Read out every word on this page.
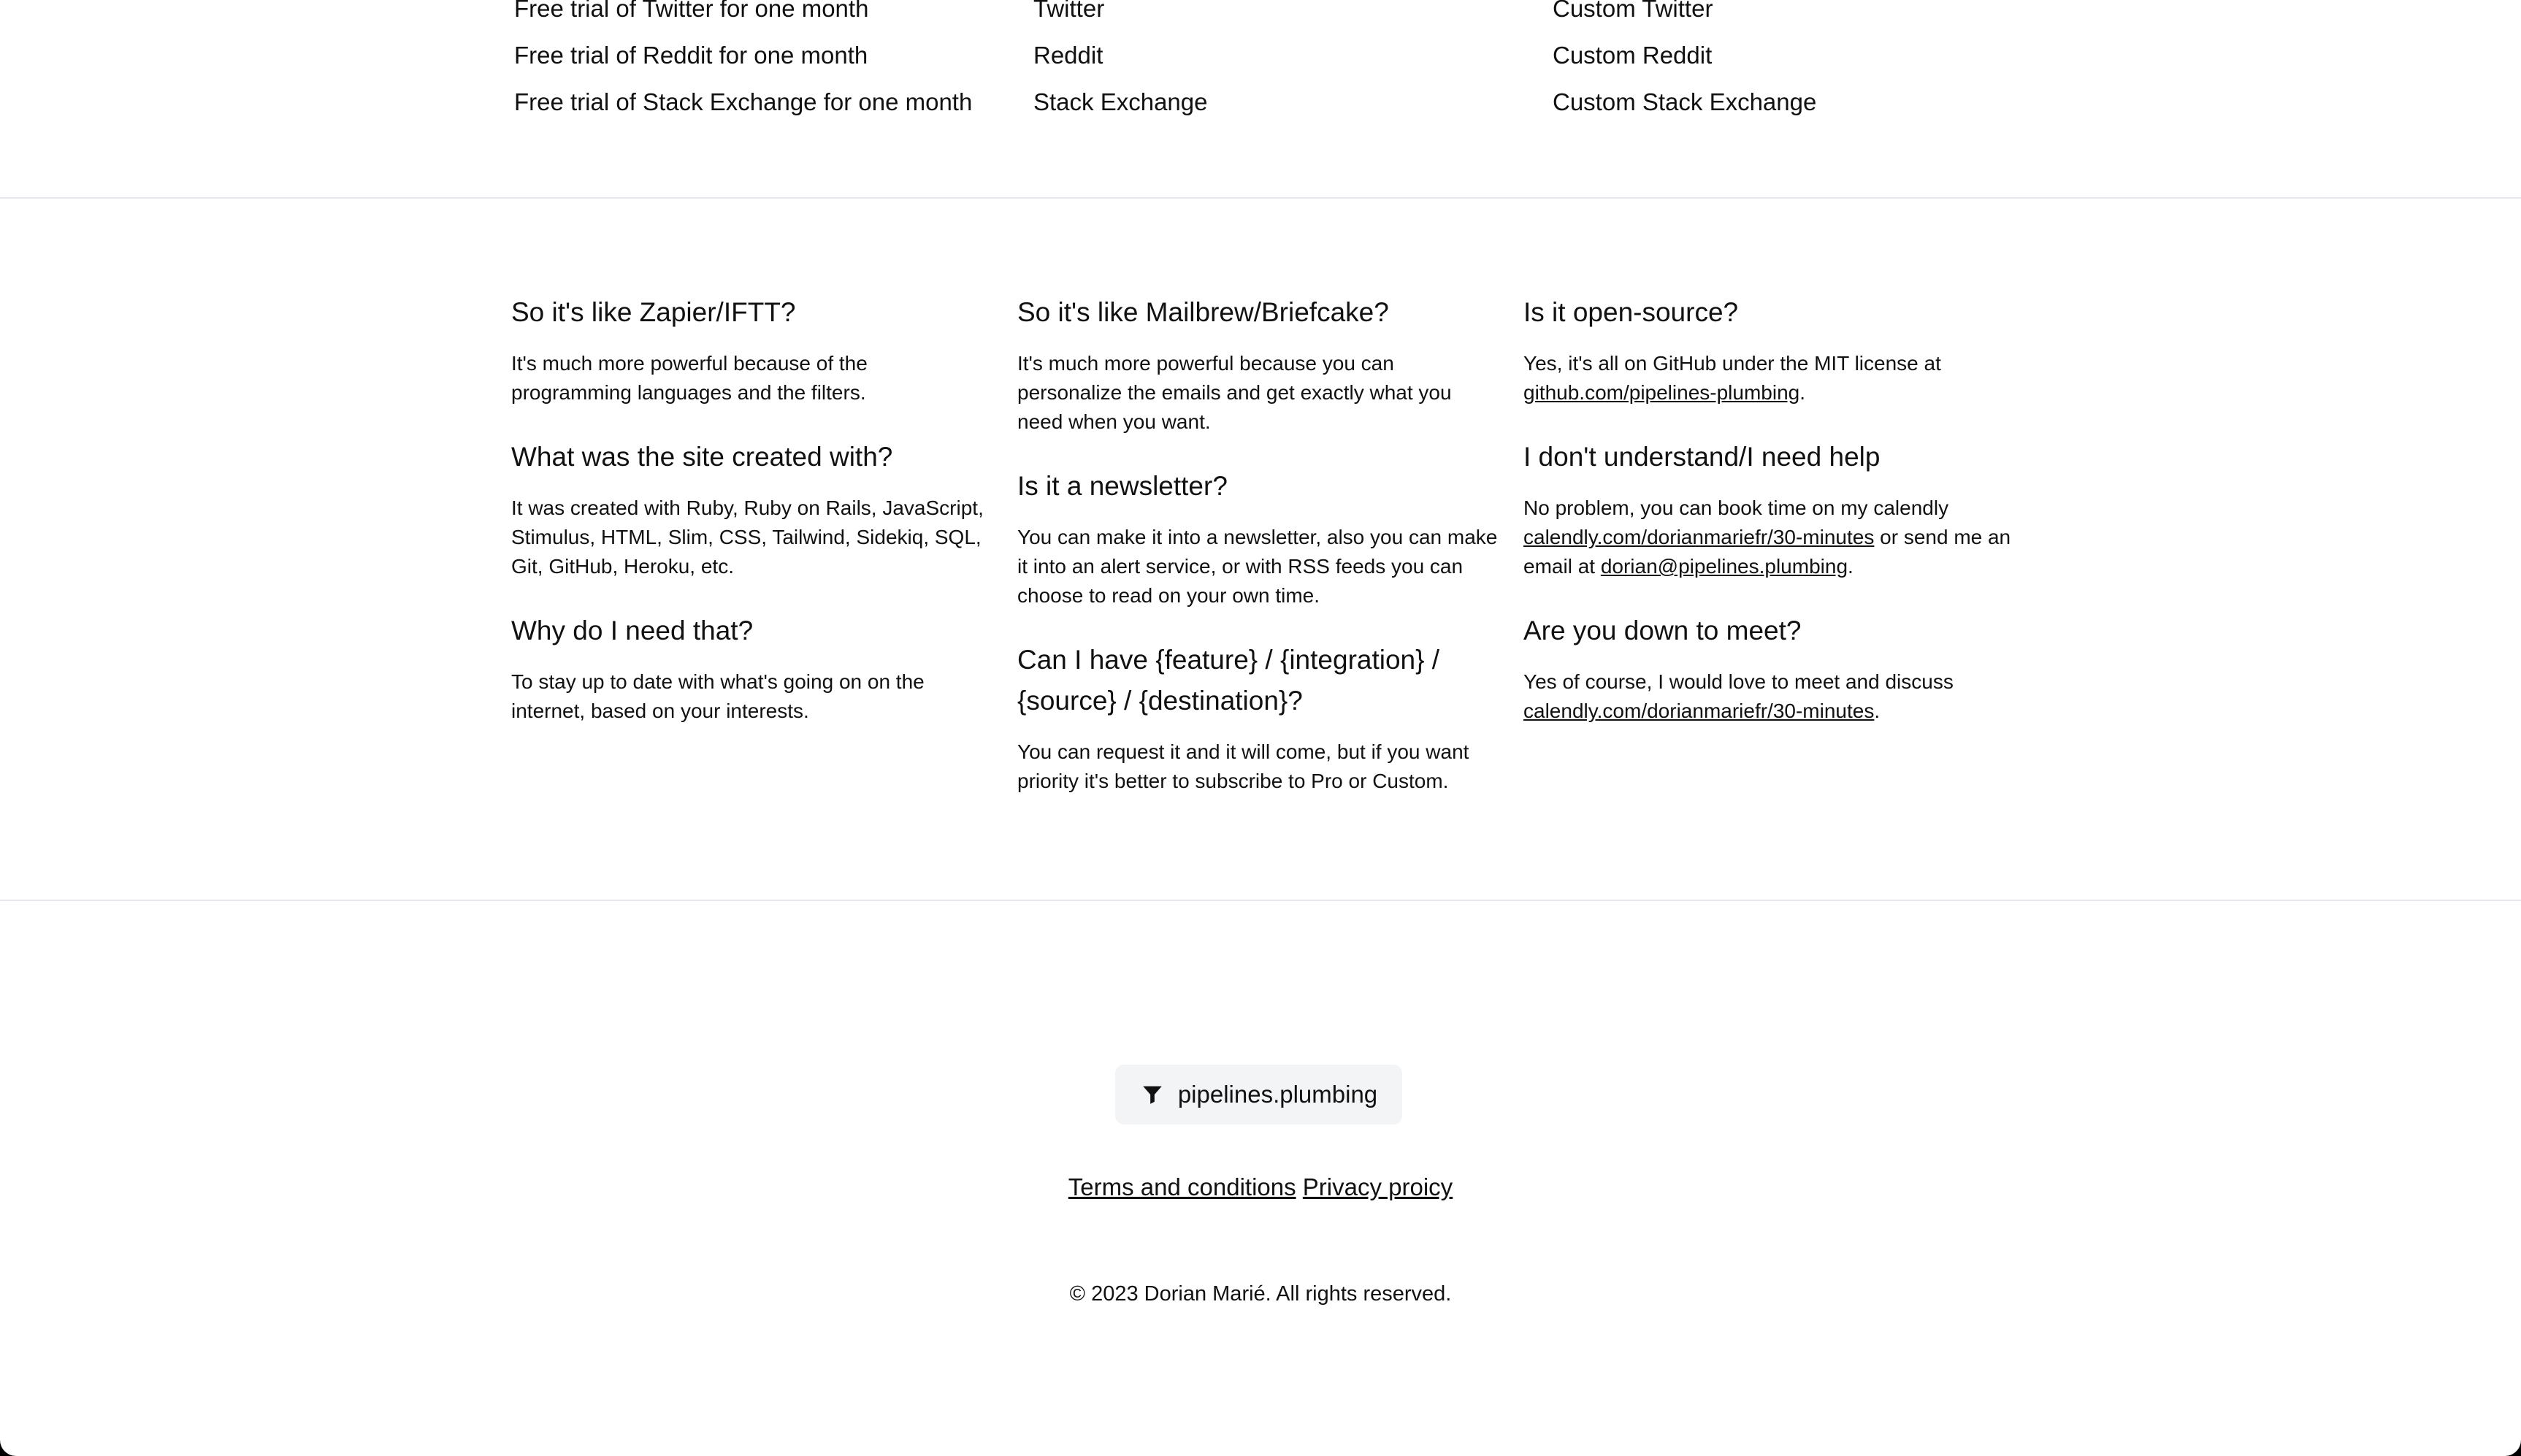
Free trial of Twitter for one month
Free trial of Reddit for one month
Free trial of Stack Exchange for one month
Twitter
Reddit
Stack Exchange
Custom Twitter
Custom Reddit
Custom Stack Exchange
So it's like Zapier/IFTT?

It's much more powerful because of the programming languages and the filters.

What was the site created with?

It was created with Ruby, Ruby on Rails, JavaScript, Stimulus, HTML, Slim, CSS, Tailwind, Sidekiq, SQL, Git, GitHub, Heroku, etc.

Why do I need that?

To stay up to date with what's going on on the internet, based on your interests.

So it's like Mailbrew/Briefcake?

It's much more powerful because you can personalize the emails and get exactly what you need when you want.

Is it a newsletter?

You can make it into a newsletter, also you can make it into an alert service, or with RSS feeds you can choose to read on your own time.

Can I have {feature} / {integration} / {source} / {destination}?

You can request it and it will come, but if you want priority it's better to subscribe to Pro or Custom.

Is it open-source?

Yes, it's all on GitHub under the MIT license at
github.com/pipelines-plumbing.

I don't understand/I need help

No problem, you can book time on my calendly
calendly.com/dorianmariefr/30-minutes or send me an email at dorian@pipelines.plumbing.

Are you down to meet?

Yes of course, I would love to meet and discuss
calendly.com/dorianmariefr/30-minutes.

pipelines.plumbing
Terms and conditions Privacy proicy
© 2023 Dorian Marié. All rights reserved.
